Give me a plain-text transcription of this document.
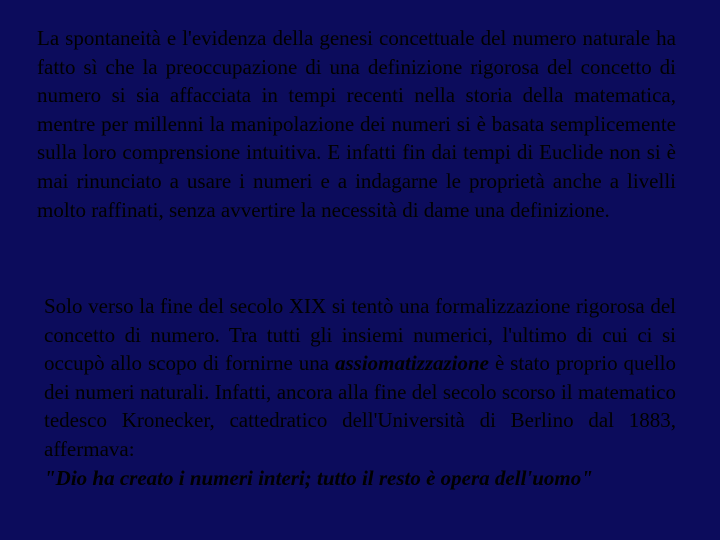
La spontaneità e l'evidenza della genesi concettuale del numero naturale ha fatto sì che la preoccupazione di una definizione rigorosa del concetto di numero si sia affacciata in tempi recenti nella storia della matematica, mentre per millenni la manipolazione dei numeri si è basata semplicemente sulla loro comprensione intuitiva. E infatti fin dai tempi di Euclide non si è mai rinunciato a usare i numeri e a indagarne le proprietà anche a livelli molto raffinati, senza avvertire la necessità di dame una definizione.

Solo verso la fine del secolo XIX si tentò una formalizzazione rigorosa del concetto di numero. Tra tutti gli insiemi numerici, l'ultimo di cui ci si occupò allo scopo di fornirne una assiomatizzazione è stato proprio quello dei numeri naturali. Infatti, ancora alla fine del secolo scorso il matematico tedesco Kronecker, cattedratico dell'Università di Berlino dal 1883, affermava:
"Dio ha creato i numeri interi; tutto il resto è opera dell'uomo"
